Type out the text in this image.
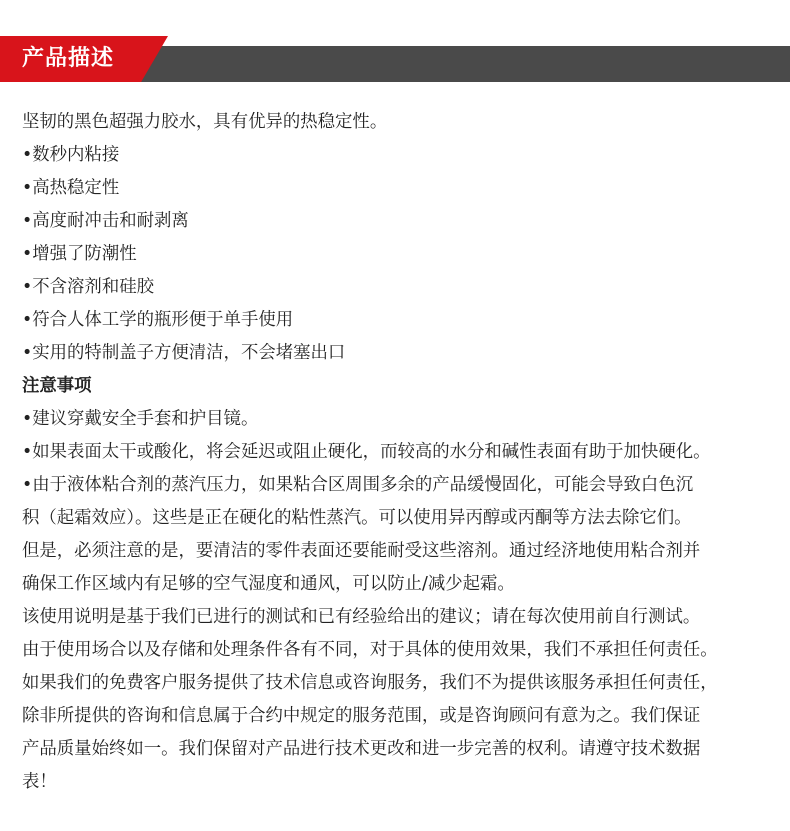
产品描述
坚韧的黑色超强力胶水，具有优异的热稳定性。
•数秒内粘接
•高热稳定性
•高度耐冲击和耐剥离
•增强了防潮性
•不含溶剂和硅胶
•符合人体工学的瓶形便于单手使用
•实用的特制盖子方便清洁，不会堵塞出口
注意事项
•建议穿戴安全手套和护目镜。
•如果表面太干或酸化，将会延迟或阻止硬化，而较高的水分和碱性表面有助于加快硬化。
•由于液体粘合剂的蒸汽压力，如果粘合区周围多余的产品缓慢固化，可能会导致白色沉
积（起霜效应）。这些是正在硬化的粘性蒸汽。可以使用异丙醇或丙酮等方法去除它们。
但是，必须注意的是，要清洁的零件表面还要能耐受这些溶剂。通过经济地使用粘合剂并
确保工作区域内有足够的空气湿度和通风，可以防止/减少起霜。
该使用说明是基于我们已进行的测试和已有经验给出的建议；请在每次使用前自行测试。
由于使用场合以及存储和处理条件各有不同，对于具体的使用效果，我们不承担任何责任。
如果我们的免费客户服务提供了技术信息或咨询服务，我们不为提供该服务承担任何责任，
除非所提供的咨询和信息属于合约中规定的服务范围，或是咨询顾问有意为之。我们保证
产品质量始终如一。我们保留对产品进行技术更改和进一步完善的权利。请遵守技术数据
表！
